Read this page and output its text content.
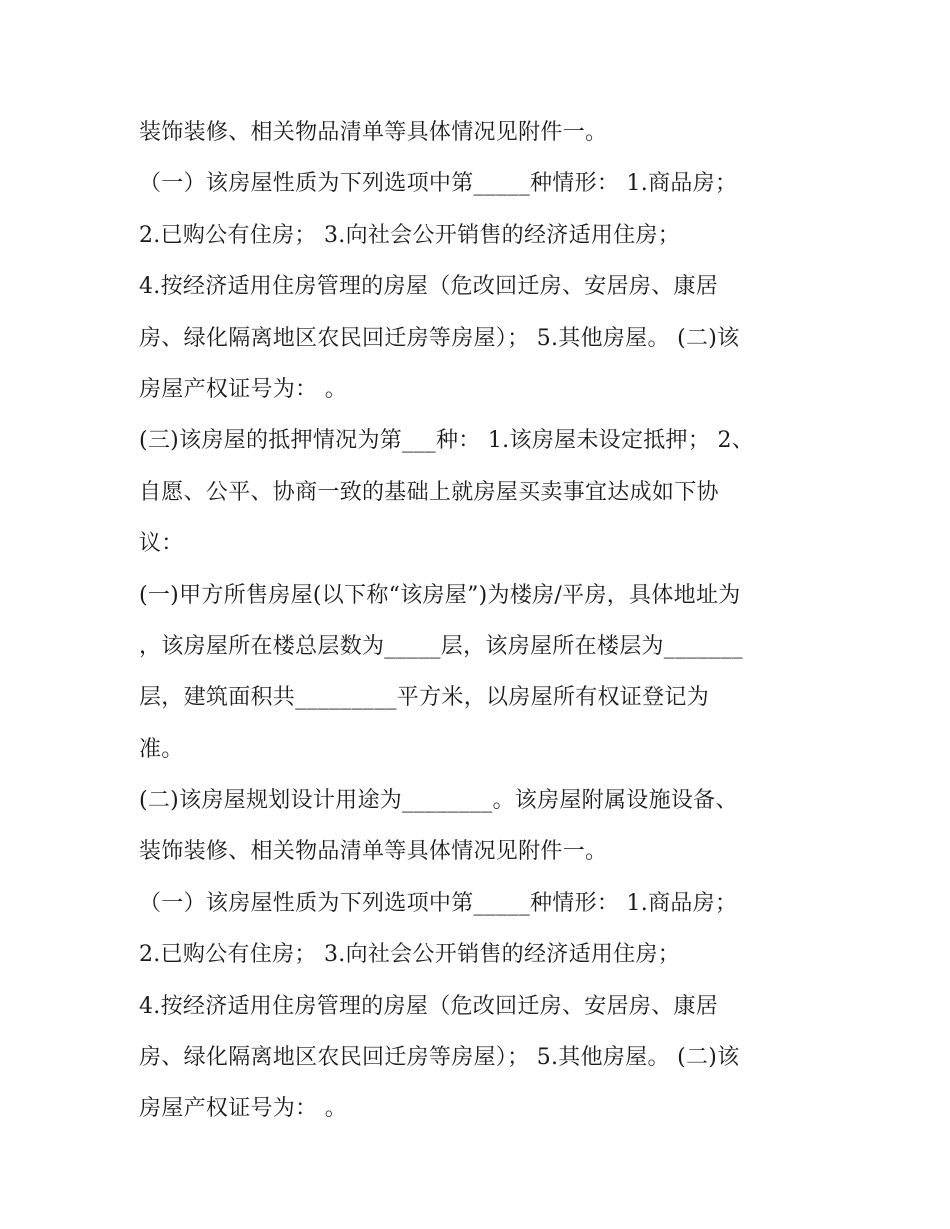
装饰装修、相关物品清单等具体情况见附件一。
（一）该房屋性质为下列选项中第_____种情形： 1.商品房；
2.已购公有住房； 3.向社会公开销售的经济适用住房；
4.按经济适用住房管理的房屋（危改回迁房、安居房、康居
房、绿化隔离地区农民回迁房等房屋）； 5.其他房屋。 (二)该
房屋产权证号为： 。
(三)该房屋的抵押情况为第___种： 1.该房屋未设定抵押； 2、
自愿、公平、协商一致的基础上就房屋买卖事宜达成如下协
议：
(一)甲方所售房屋(以下称“该房屋”)为楼房/平房，具体地址为
，该房屋所在楼总层数为_____层，该房屋所在楼层为_______
层，建筑面积共_________平方米，以房屋所有权证登记为
准。
(二)该房屋规划设计用途为________。该房屋附属设施设备、
装饰装修、相关物品清单等具体情况见附件一。
（一）该房屋性质为下列选项中第_____种情形： 1.商品房；
2.已购公有住房； 3.向社会公开销售的经济适用住房；
4.按经济适用住房管理的房屋（危改回迁房、安居房、康居
房、绿化隔离地区农民回迁房等房屋）； 5.其他房屋。 (二)该
房屋产权证号为： 。
